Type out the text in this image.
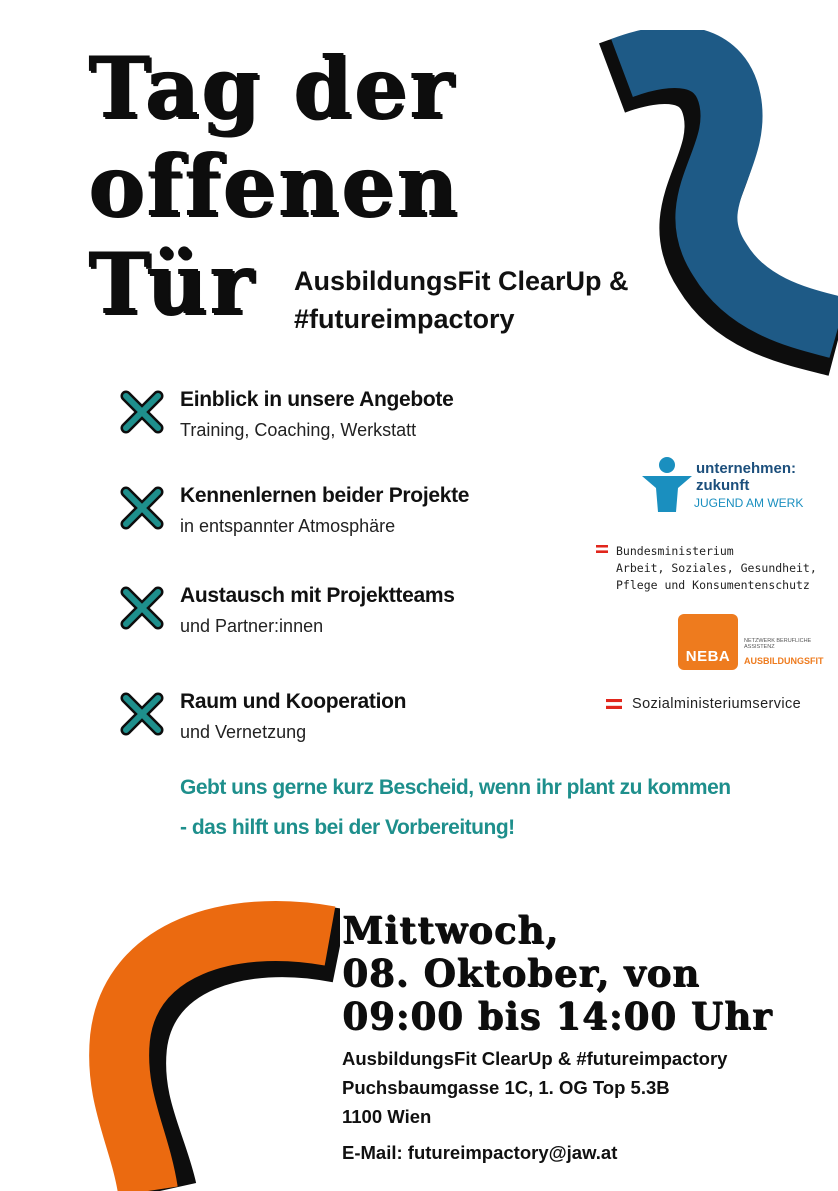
Tag der
offenen
Tür AusbildungsFit ClearUp &
#futureimpactory
Einblick in unsere Angebote
Training, Coaching, Werkstatt
Kennenlernen beider Projekte
in entspannter Atmosphäre
Austausch mit Projektteams
und Partner:innen
Raum und Kooperation
und Vernetzung
unternehmen:
zukunft
JUGEND AM WERK
Bundesministerium
Arbeit, Soziales, Gesundheit,
Pflege und Konsumentenschutz
NEBA
NETZWERK BERUFLICHE ASSISTENZ
AUSBILDUNGSFIT
Sozialministeriumservice
Gebt uns gerne kurz Bescheid, wenn ihr plant zu kommen
- das hilft uns bei der Vorbereitung!
Mittwoch,
08. Oktober, von
09:00 bis 14:00 Uhr
AusbildungsFit ClearUp & #futureimpactory
Puchsbaumgasse 1C, 1. OG Top 5.3B
1100 Wien
E-Mail: futureimpactory@jaw.at
